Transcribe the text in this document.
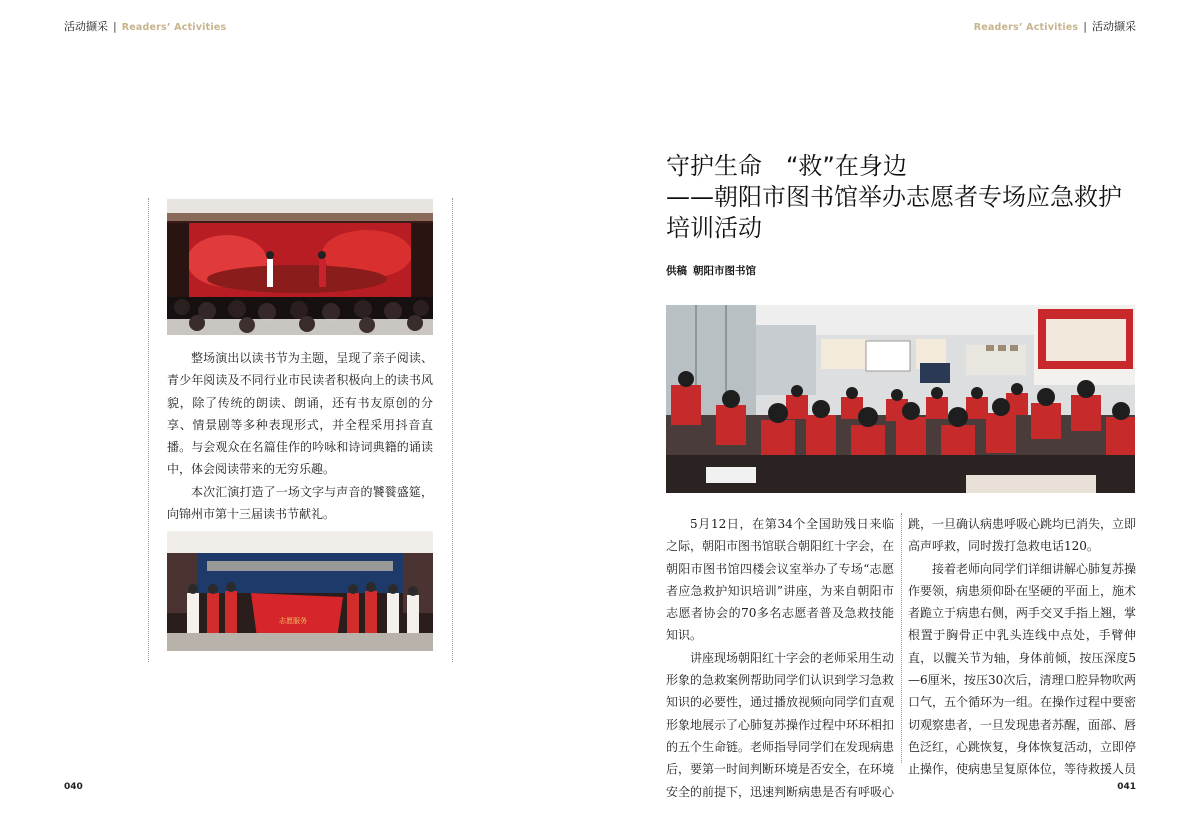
活动撷采 | Readers’ Activities	Readers’ Activities | 活动撷采

整场演出以读书节为主题，呈现了亲子阅读、青少年阅读及不同行业市民读者积极向上的读书风貌，除了传统的朗读、朗诵，还有书友原创的分享、情景剧等多种表现形式，并全程采用抖音直播。与会观众在名篇佳作的吟咏和诗词典籍的诵读中，体会阅读带来的无穷乐趣。

本次汇演打造了一场文字与声音的饕餮盛筵，向锦州市第十三届读书节献礼。

志愿服务
守护生命　“救”在身边
——朝阳市图书馆举办志愿者专场应急救护
培训活动
供稿 朝阳市图书馆

5月12日，在第34个全国助残日来临之际，朝阳市图书馆联合朝阳红十字会，在朝阳市图书馆四楼会议室举办了专场“志愿者应急救护知识培训”讲座，为来自朝阳市志愿者协会的70多名志愿者普及急救技能知识。

讲座现场朝阳红十字会的老师采用生动形象的急救案例帮助同学们认识到学习急救知识的必要性，通过播放视频向同学们直观形象地展示了心肺复苏操作过程中环环相扣的五个生命链。老师指导同学们在发现病患后，要第一时间判断环境是否安全，在环境安全的前提下，迅速判断病患是否有呼吸心

跳，一旦确认病患呼吸心跳均已消失，立即高声呼救，同时拨打急救电话120。

接着老师向同学们详细讲解心肺复苏操作要领，病患须仰卧在坚硬的平面上，施术者跪立于病患右侧，两手交叉手指上翘，掌根置于胸骨正中乳头连线中点处，手臂伸直，以髋关节为轴，身体前倾，按压深度5—6厘米，按压30次后，清理口腔异物吹两口气，五个循环为一组。在操作过程中要密切观察患者，一旦发现患者苏醒，面部、唇色泛红，心跳恢复，身体恢复活动，立即停止操作，使病患呈复原体位，等待救援人员

040	041
